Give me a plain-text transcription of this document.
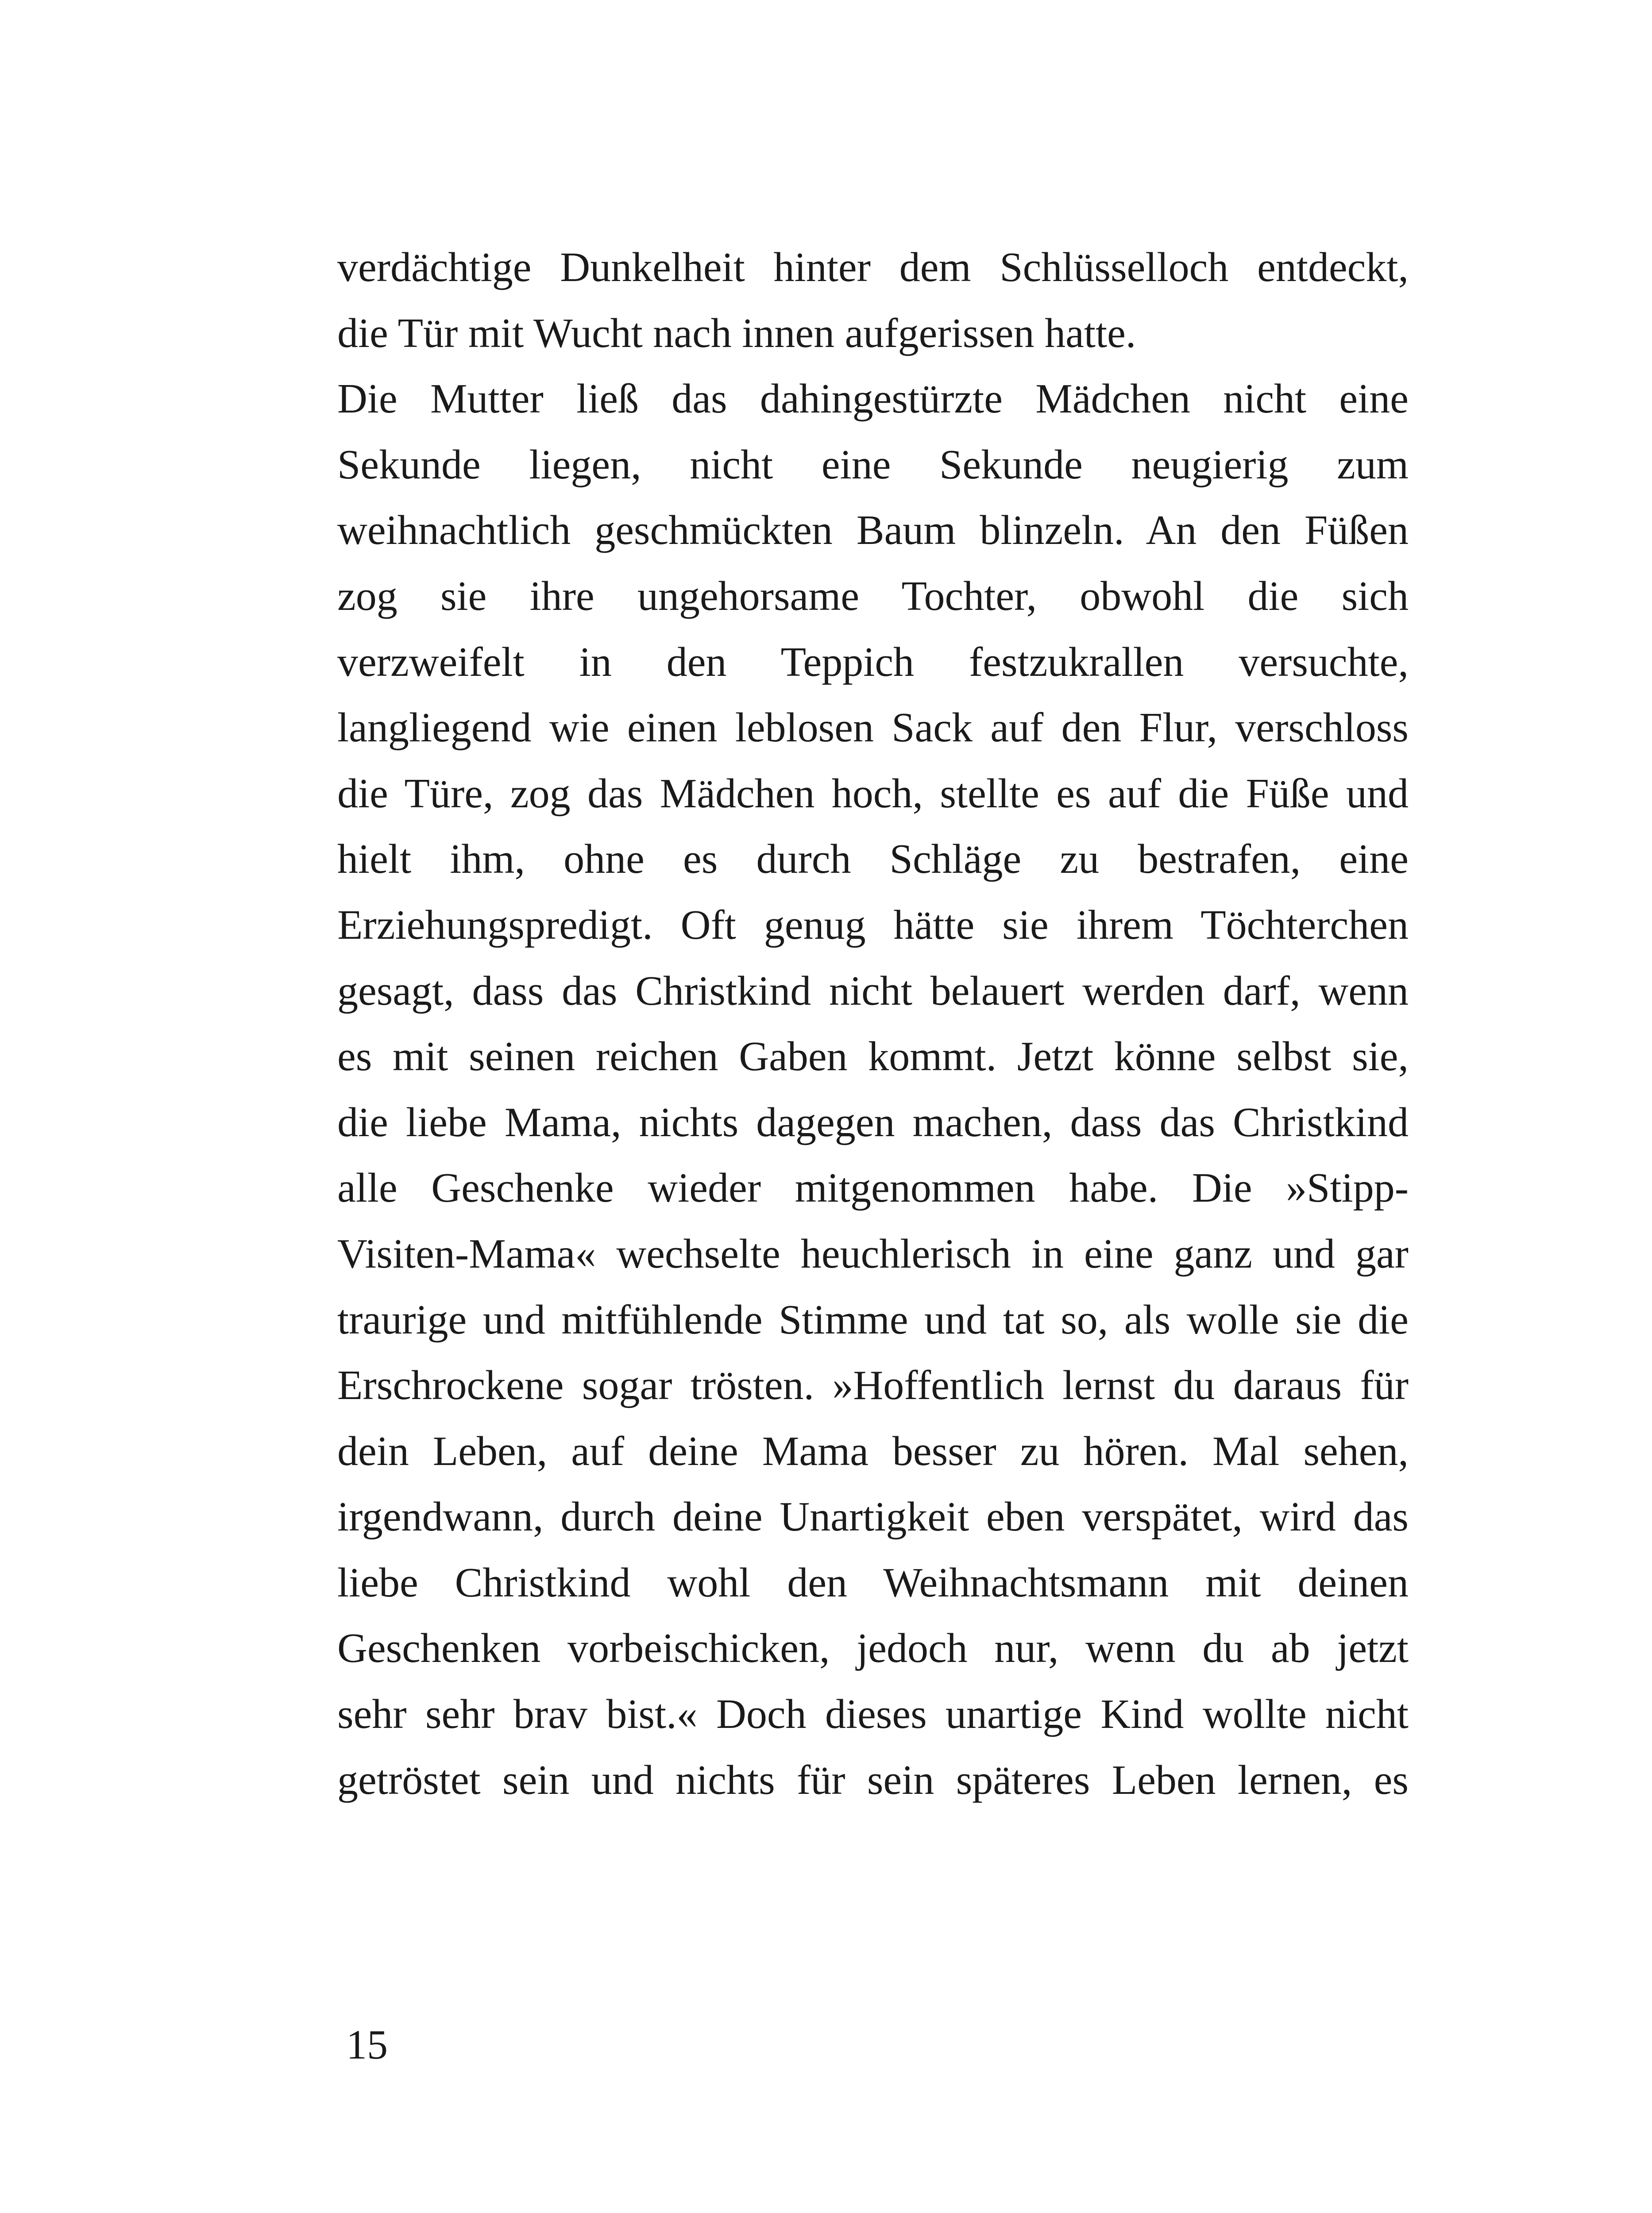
verdächtige Dunkelheit hinter dem Schlüsselloch entdeckt,
die Tür mit Wucht nach innen aufgerissen hatte.
Die Mutter ließ das dahingestürzte Mädchen nicht eine
Sekunde liegen, nicht eine Sekunde neugierig zum
weihnachtlich geschmückten Baum blinzeln. An den Füßen
zog sie ihre ungehorsame Tochter, obwohl die sich
verzweifelt in den Teppich festzukrallen versuchte,
langliegend wie einen leblosen Sack auf den Flur, verschloss
die Türe, zog das Mädchen hoch, stellte es auf die Füße und
hielt ihm, ohne es durch Schläge zu bestrafen, eine
Erziehungspredigt. Oft genug hätte sie ihrem Töchterchen
gesagt, dass das Christkind nicht belauert werden darf, wenn
es mit seinen reichen Gaben kommt. Jetzt könne selbst sie,
die liebe Mama, nichts dagegen machen, dass das Christkind
alle Geschenke wieder mitgenommen habe. Die »Stipp-
Visiten-Mama« wechselte heuchlerisch in eine ganz und gar
traurige und mitfühlende Stimme und tat so, als wolle sie die
Erschrockene sogar trösten. »Hoffentlich lernst du daraus für
dein Leben, auf deine Mama besser zu hören. Mal sehen,
irgendwann, durch deine Unartigkeit eben verspätet, wird das
liebe Christkind wohl den Weihnachtsmann mit deinen
Geschenken vorbeischicken, jedoch nur, wenn du ab jetzt
sehr sehr brav bist.« Doch dieses unartige Kind wollte nicht
getröstet sein und nichts für sein späteres Leben lernen, es
15
